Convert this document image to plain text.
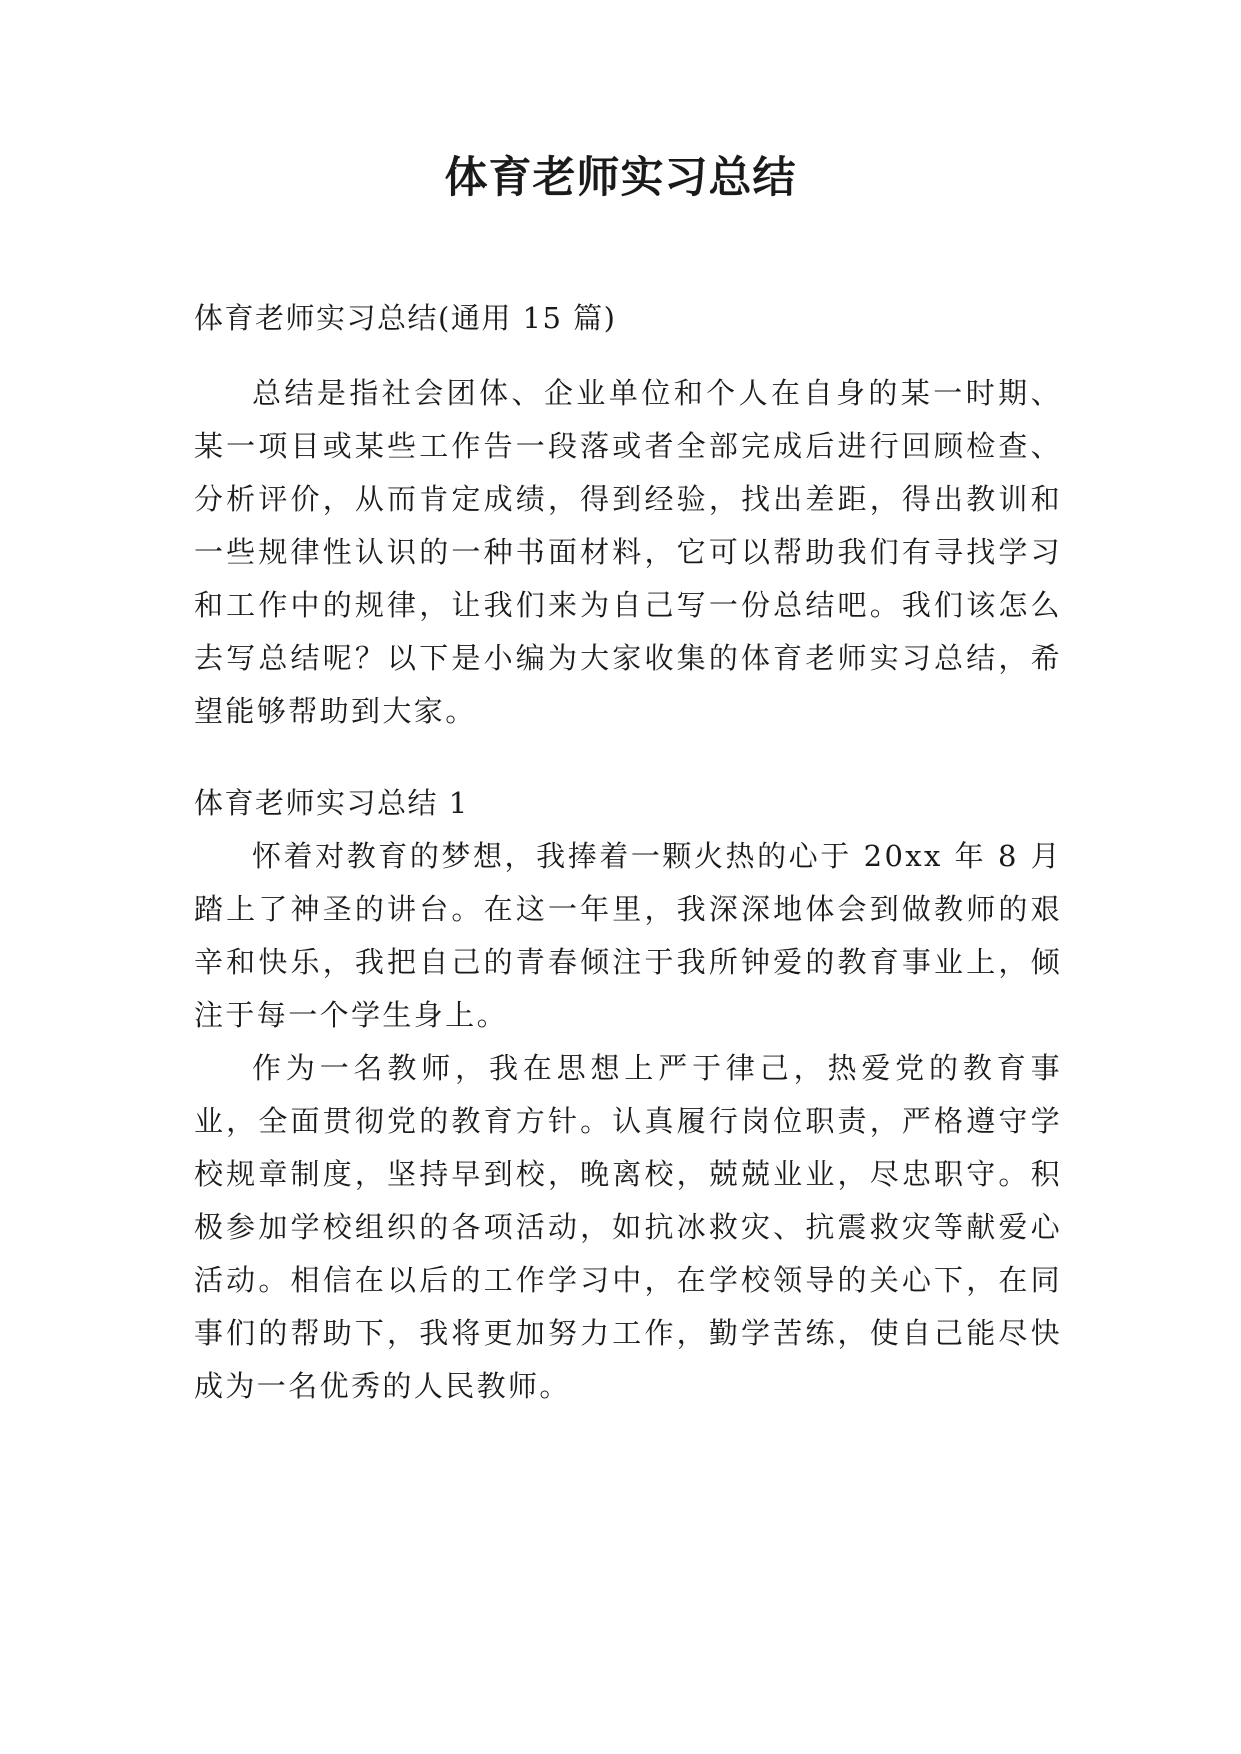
体育老师实习总结

体育老师实习总结(通用 15 篇)

总结是指社会团体、企业单位和个人在自身的某一时期、某一项目或某些工作告一段落或者全部完成后进行回顾检查、分析评价，从而肯定成绩，得到经验，找出差距，得出教训和一些规律性认识的一种书面材料，它可以帮助我们有寻找学习和工作中的规律，让我们来为自己写一份总结吧。我们该怎么去写总结呢？以下是小编为大家收集的体育老师实习总结，希望能够帮助到大家。

体育老师实习总结 1

怀着对教育的梦想，我捧着一颗火热的心于 20xx 年 8 月踏上了神圣的讲台。在这一年里，我深深地体会到做教师的艰辛和快乐，我把自己的青春倾注于我所钟爱的教育事业上，倾注于每一个学生身上。

作为一名教师，我在思想上严于律己，热爱党的教育事业，全面贯彻党的教育方针。认真履行岗位职责，严格遵守学校规章制度，坚持早到校，晚离校，兢兢业业，尽忠职守。积极参加学校组织的各项活动，如抗冰救灾、抗震救灾等献爱心活动。相信在以后的工作学习中，在学校领导的关心下，在同事们的帮助下，我将更加努力工作，勤学苦练，使自己能尽快成为一名优秀的人民教师。
